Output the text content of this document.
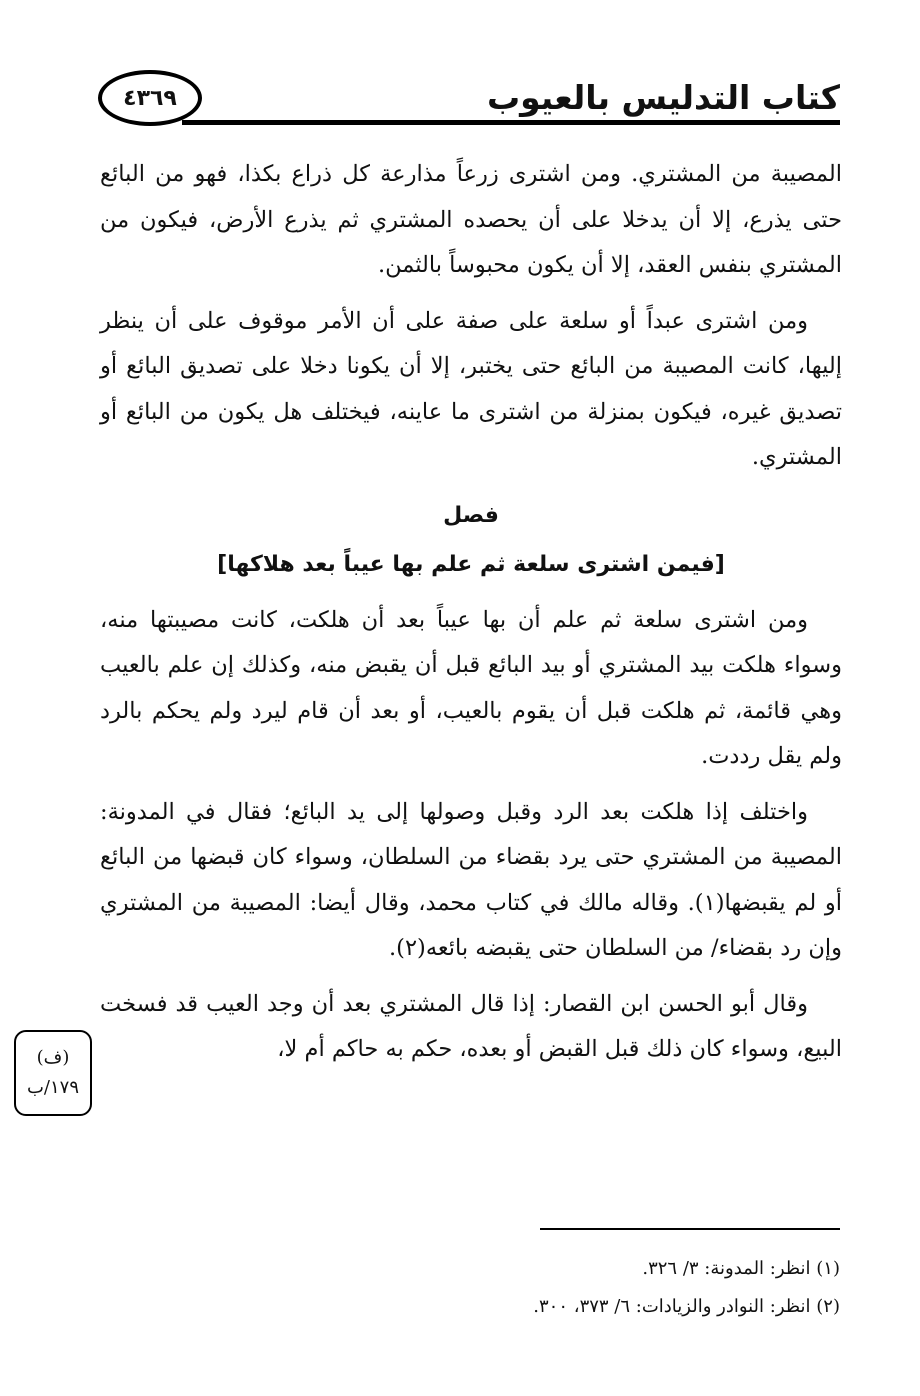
٤٣٦٩	كتاب التدليس بالعيوب

المصيبة من المشتري. ومن اشترى زرعاً مذارعة كل ذراع بكذا، فهو من البائع حتى يذرع، إلا أن يدخلا على أن يحصده المشتري ثم يذرع الأرض، فيكون من المشتري بنفس العقد، إلا أن يكون محبوساً بالثمن.

ومن اشترى عبداً أو سلعة على صفة على أن الأمر موقوف على أن ينظر إليها، كانت المصيبة من البائع حتى يختبر، إلا أن يكونا دخلا على تصديق البائع أو تصديق غيره، فيكون بمنزلة من اشترى ما عاينه، فيختلف هل يكون من البائع أو المشتري.

فصل
[فيمن اشترى سلعة ثم علم بها عيباً بعد هلاكها]

ومن اشترى سلعة ثم علم أن بها عيباً بعد أن هلكت، كانت مصيبتها منه، وسواء هلكت بيد المشتري أو بيد البائع قبل أن يقبض منه، وكذلك إن علم بالعيب وهي قائمة، ثم هلكت قبل أن يقوم بالعيب، أو بعد أن قام ليرد ولم يحكم بالرد ولم يقل رددت.

واختلف إذا هلكت بعد الرد وقبل وصولها إلى يد البائع؛ فقال في المدونة: المصيبة من المشتري حتى يرد بقضاء من السلطان، وسواء كان قبضها من البائع أو لم يقبضها(١). وقاله مالك في كتاب محمد، وقال أيضا: المصيبة من المشتري وإن رد بقضاء/ من السلطان حتى يقبضه بائعه(٢).

وقال أبو الحسن ابن القصار: إذا قال المشتري بعد أن وجد العيب قد فسخت البيع، وسواء كان ذلك قبل القبض أو بعده، حكم به حاكم أم لا،

(ف)
١٧٩/ب
(١) انظر: المدونة: ٣/ ٣٢٦.
(٢) انظر: النوادر والزيادات: ٦/ ٣٧٣، ٣٠٠.
